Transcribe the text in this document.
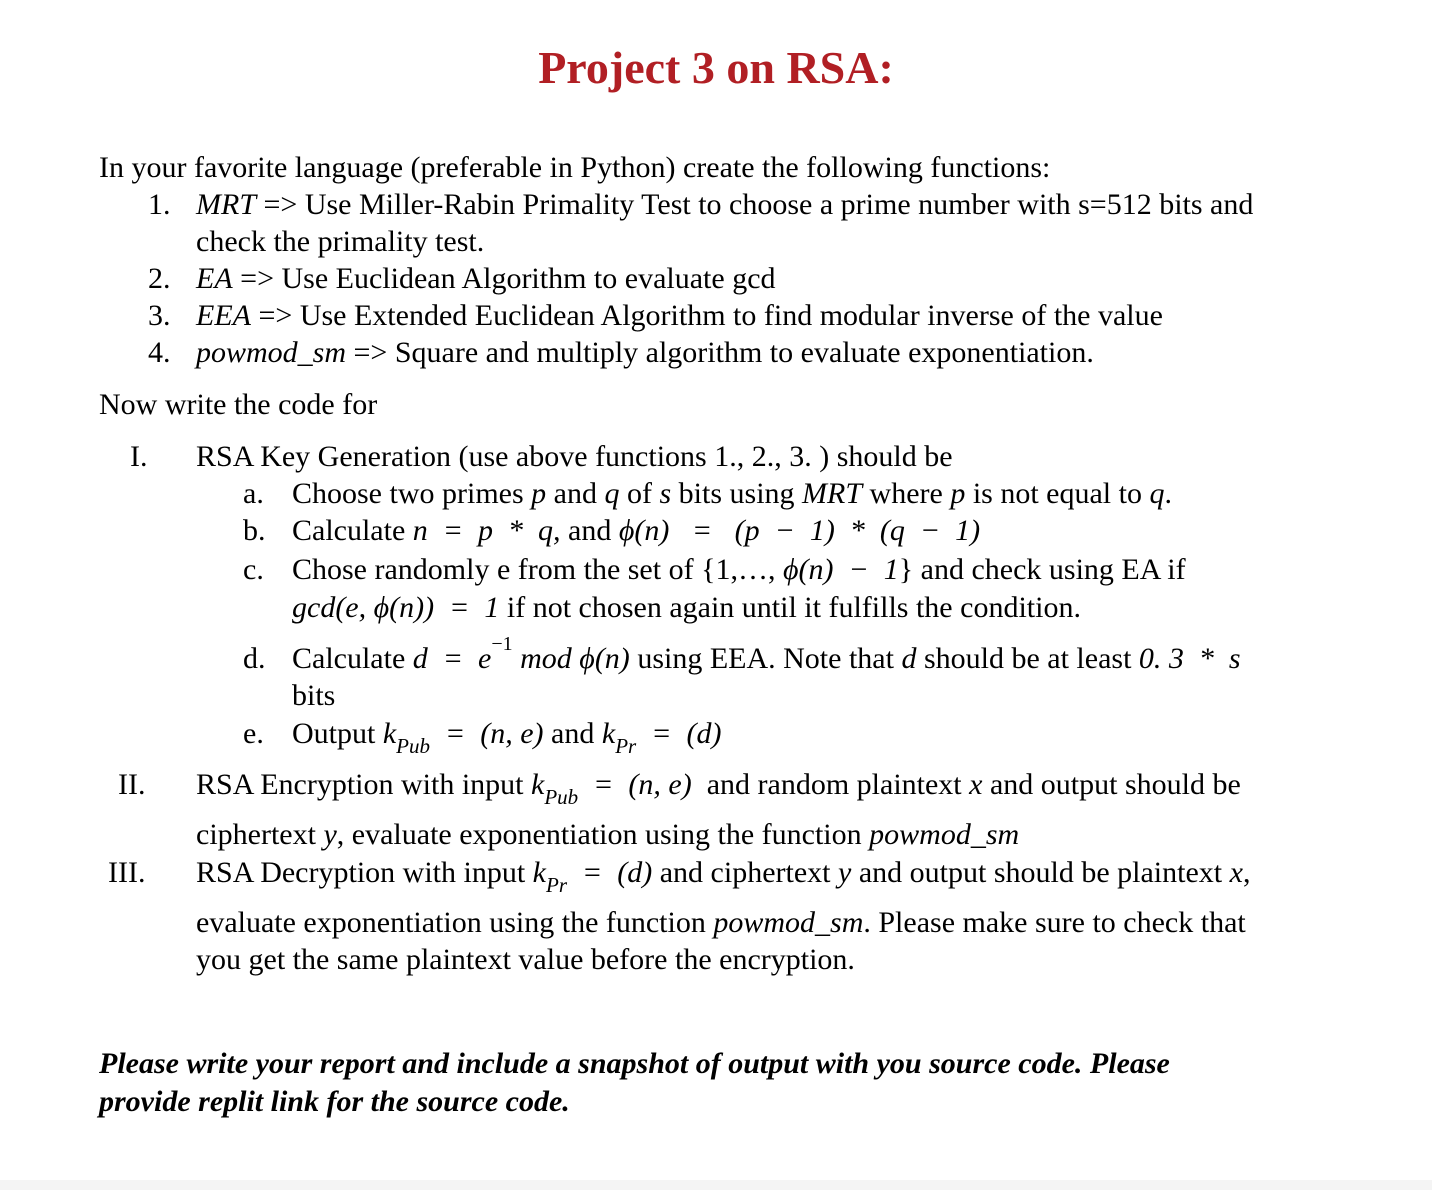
Project 3 on RSA:
In your favorite language (preferable in Python) create the following functions:
1. MRT => Use Miller-Rabin Primality Test to choose a prime number with s=512 bits and
check the primality test.
2. EA => Use Euclidean Algorithm to evaluate gcd
3. EEA => Use Extended Euclidean Algorithm to find modular inverse of the value
4. powmod_sm => Square and multiply algorithm to evaluate exponentiation.
Now write the code for
I. RSA Key Generation (use above functions 1., 2., 3. ) should be
a. Choose two primes p and q of s bits using MRT where p is not equal to q.
b. Calculate n  =  p  *  q, and ϕ(n)   =   (p  −  1)  *  (q  −  1)
c. Chose randomly e from the set of {1,…, ϕ(n)  −  1} and check using EA if
gcd(e, ϕ(n))  =  1 if not chosen again until it fulfills the condition.
d. Calculate $d = e^{-1}$ mod ϕ(n) using EEA. Note that d should be at least 0. 3  *  s
bits
e. Output $k_{Pub} = (n$, e) and $k_{Pr} = (d)$
II. RSA Encryption with input $k_{Pub} = (n$, e)  and random plaintext x and output should be
ciphertext y, evaluate exponentiation using the function powmod_sm
III. RSA Decryption with input $k_{Pr} = (d)$ and ciphertext y and output should be plaintext x,
evaluate exponentiation using the function powmod_sm. Please make sure to check that
you get the same plaintext value before the encryption.
Please write your report and include a snapshot of output with you source code. Please
provide replit link for the source code.
